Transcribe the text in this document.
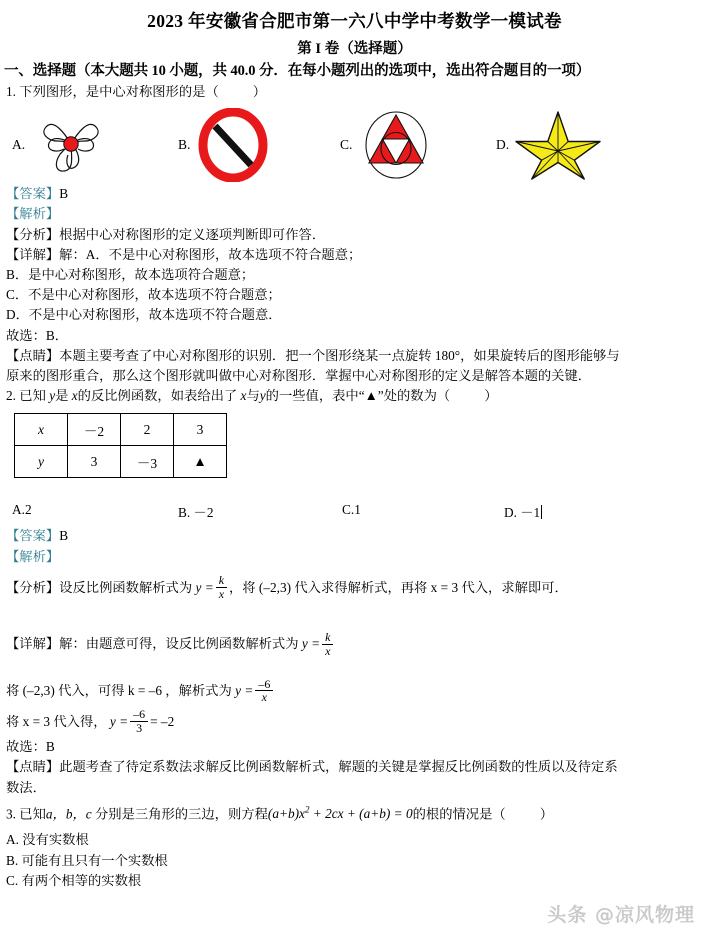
2023 年安徽省合肥市第一六八中学中考数学一模试卷
第 I 卷（选择题）
一、选择题（本大题共 10 小题，共 40.0 分．在每小题列出的选项中，选出符合题目的一项）
1. 下列图形，是中心对称图形的是（	）
A.	B.	C.	D.
【答案】B
【解析】
【分析】根据中心对称图形的定义逐项判断即可作答．
【详解】解：A．不是中心对称图形，故本选项不符合题意；
B．是中心对称图形，故本选项符合题意；
C．不是中心对称图形，故本选项不符合题意；
D．不是中心对称图形，故本选项不符合题意．
故选：B．
【点睛】本题主要考查了中心对称图形的识别．把一个图形绕某一点旋转 180°，如果旋转后的图形能够与
原来的图形重合，那么这个图形就叫做中心对称图形．掌握中心对称图形的定义是解答本题的关键．
2. 已知 y是 x的反比例函数，如表给出了 x与y的一些值，表中“▲”处的数为（	）
x	－2	2	3
y	3	－3	▲
A.2	B. －2	C.1	D. －1
【答案】B
【解析】
【分析】设反比例函数解析式为 $y = \frac{k}{x}$ ，将 (–2,3) 代入求得解析式，再将 x = 3 代入，求解即可．
【详解】解：由题意可得，设反比例函数解析式为 $y = \frac{k}{x}$
将 (–2,3) 代入，可得 k = –6 ，解析式为 $y = \frac{-6}{x}$
将 x = 3 代入得， $y = \frac{-6}{3} = -2$
故选：B
【点睛】此题考查了待定系数法求解反比例函数解析式，解题的关键是掌握反比例函数的性质以及待定系
数法．
3. 已知a，b，c 分别是三角形的三边，则方程$(a+b)x^2 + 2cx + (a+b) = 0$的根的情况是（	）
A. 没有实数根
B. 可能有且只有一个实数根
C. 有两个相等的实数根
头条 @凉风物理
